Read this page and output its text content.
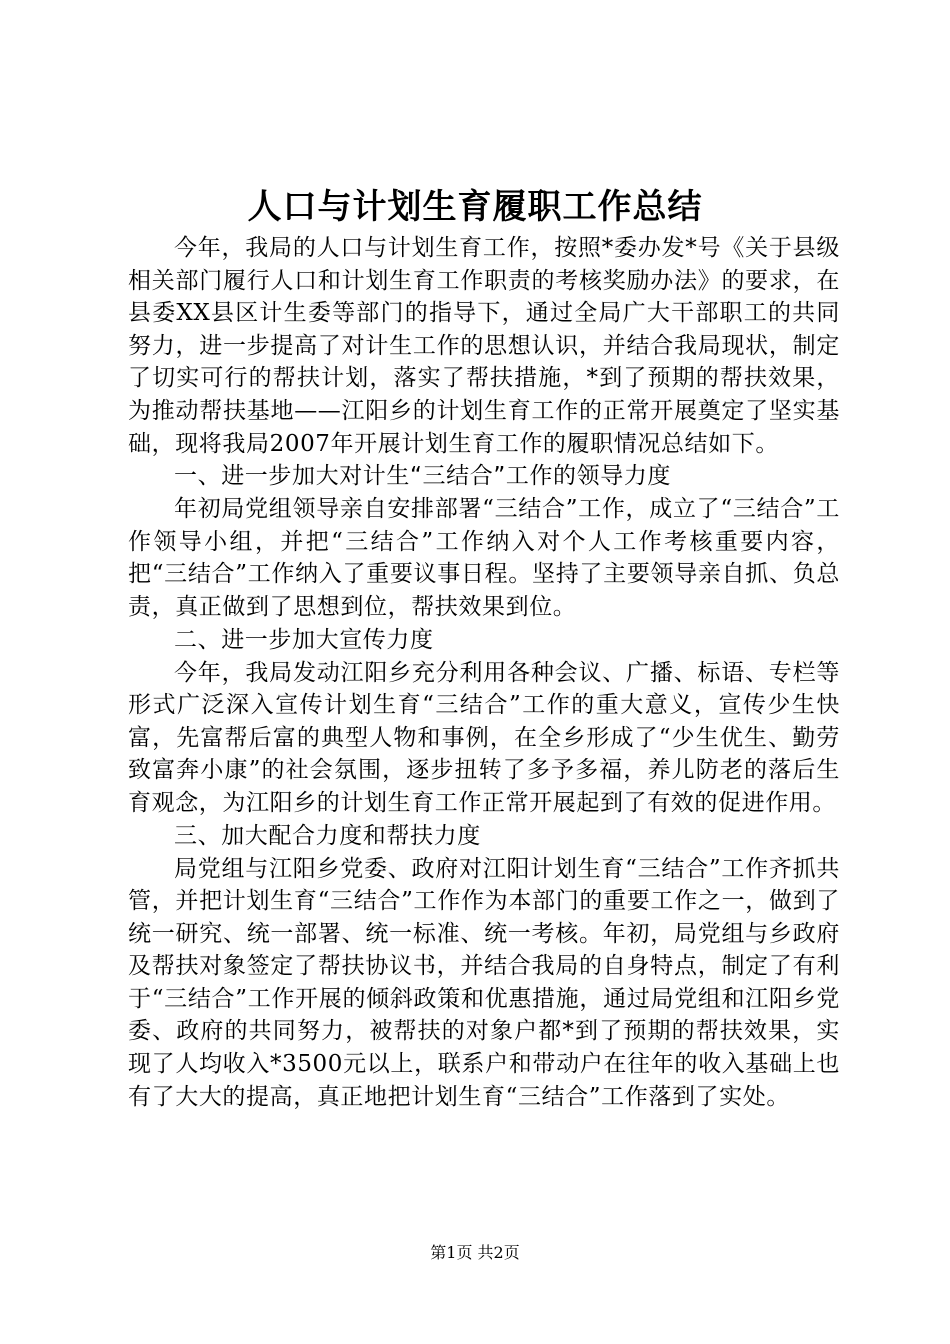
人口与计划生育履职工作总结

今年，我局的人口与计划生育工作，按照*委办发*号《关于县级相关部门履行人口和计划生育工作职责的考核奖励办法》的要求，在县委XX县区计生委等部门的指导下，通过全局广大干部职工的共同努力，进一步提高了对计生工作的思想认识，并结合我局现状，制定了切实可行的帮扶计划，落实了帮扶措施，*到了预期的帮扶效果，为推动帮扶基地——江阳乡的计划生育工作的正常开展奠定了坚实基础，现将我局2007年开展计划生育工作的履职情况总结如下。

一、进一步加大对计生“三结合”工作的领导力度

年初局党组领导亲自安排部署“三结合”工作，成立了“三结合”工作领导小组，并把“三结合”工作纳入对个人工作考核重要内容，把“三结合”工作纳入了重要议事日程。坚持了主要领导亲自抓、负总责，真正做到了思想到位，帮扶效果到位。

二、进一步加大宣传力度

今年，我局发动江阳乡充分利用各种会议、广播、标语、专栏等形式广泛深入宣传计划生育“三结合”工作的重大意义，宣传少生快富，先富帮后富的典型人物和事例，在全乡形成了“少生优生、勤劳致富奔小康”的社会氛围，逐步扭转了多予多福，养儿防老的落后生育观念，为江阳乡的计划生育工作正常开展起到了有效的促进作用。

三、加大配合力度和帮扶力度

局党组与江阳乡党委、政府对江阳计划生育“三结合”工作齐抓共管，并把计划生育“三结合”工作作为本部门的重要工作之一，做到了统一研究、统一部署、统一标准、统一考核。年初，局党组与乡政府及帮扶对象签定了帮扶协议书，并结合我局的自身特点，制定了有利于“三结合”工作开展的倾斜政策和优惠措施，通过局党组和江阳乡党委、政府的共同努力，被帮扶的对象户都*到了预期的帮扶效果，实现了人均收入*3500元以上，联系户和带动户在往年的收入基础上也有了大大的提高，真正地把计划生育“三结合”工作落到了实处。

第1页 共2页
